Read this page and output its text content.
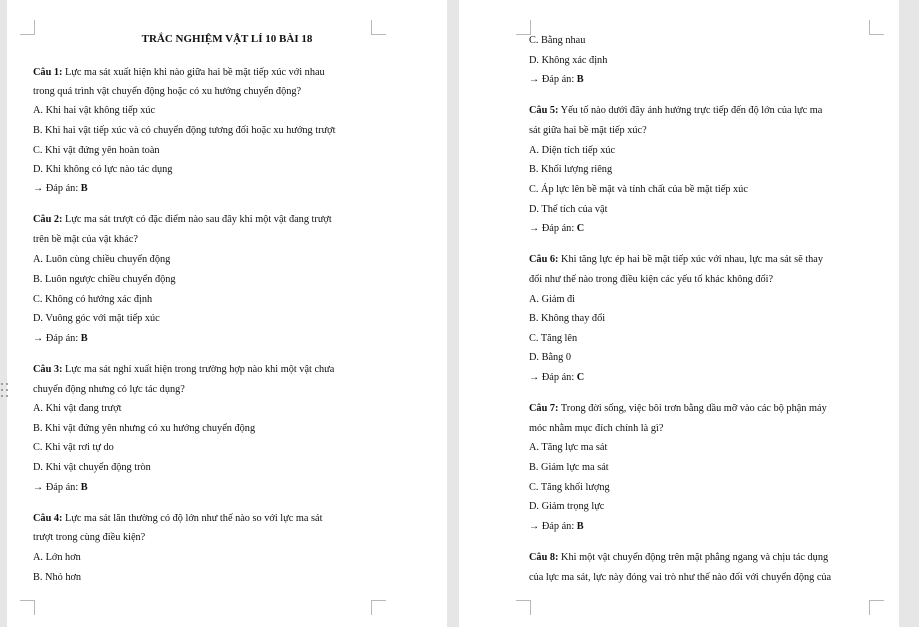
TRẮC NGHIỆM VẬT LÍ 10 BÀI 18
Câu 1: Lực ma sát xuất hiện khi nào giữa hai bề mặt tiếp xúc với nhau
trong quá trình vật chuyển động hoặc có xu hướng chuyển động?
A. Khi hai vật không tiếp xúc
B. Khi hai vật tiếp xúc và có chuyển động tương đối hoặc xu hướng trượt
C. Khi vật đứng yên hoàn toàn
D. Khi không có lực nào tác dụng
→ Đáp án: B
Câu 2: Lực ma sát trượt có đặc điểm nào sau đây khi một vật đang trượt
trên bề mặt của vật khác?
A. Luôn cùng chiều chuyển động
B. Luôn ngược chiều chuyển động
C. Không có hướng xác định
D. Vuông góc với mặt tiếp xúc
→ Đáp án: B
Câu 3: Lực ma sát nghỉ xuất hiện trong trường hợp nào khi một vật chưa
chuyển động nhưng có lực tác dụng?
A. Khi vật đang trượt
B. Khi vật đứng yên nhưng có xu hướng chuyển động
C. Khi vật rơi tự do
D. Khi vật chuyển động tròn
→ Đáp án: B
Câu 4: Lực ma sát lăn thường có độ lớn như thế nào so với lực ma sát
trượt trong cùng điều kiện?
A. Lớn hơn
B. Nhỏ hơn
C. Bằng nhau
D. Không xác định
→ Đáp án: B
Câu 5: Yếu tố nào dưới đây ảnh hưởng trực tiếp đến độ lớn của lực ma
sát giữa hai bề mặt tiếp xúc?
A. Diện tích tiếp xúc
B. Khối lượng riêng
C. Áp lực lên bề mặt và tính chất của bề mặt tiếp xúc
D. Thể tích của vật
→ Đáp án: C
Câu 6: Khi tăng lực ép hai bề mặt tiếp xúc với nhau, lực ma sát sẽ thay
đổi như thế nào trong điều kiện các yếu tố khác không đổi?
A. Giảm đi
B. Không thay đổi
C. Tăng lên
D. Bằng 0
→ Đáp án: C
Câu 7: Trong đời sống, việc bôi trơn bằng dầu mỡ vào các bộ phận máy
móc nhằm mục đích chính là gì?
A. Tăng lực ma sát
B. Giảm lực ma sát
C. Tăng khối lượng
D. Giảm trọng lực
→ Đáp án: B
Câu 8: Khi một vật chuyển động trên mặt phẳng ngang và chịu tác dụng
của lực ma sát, lực này đóng vai trò như thế nào đối với chuyển động của
